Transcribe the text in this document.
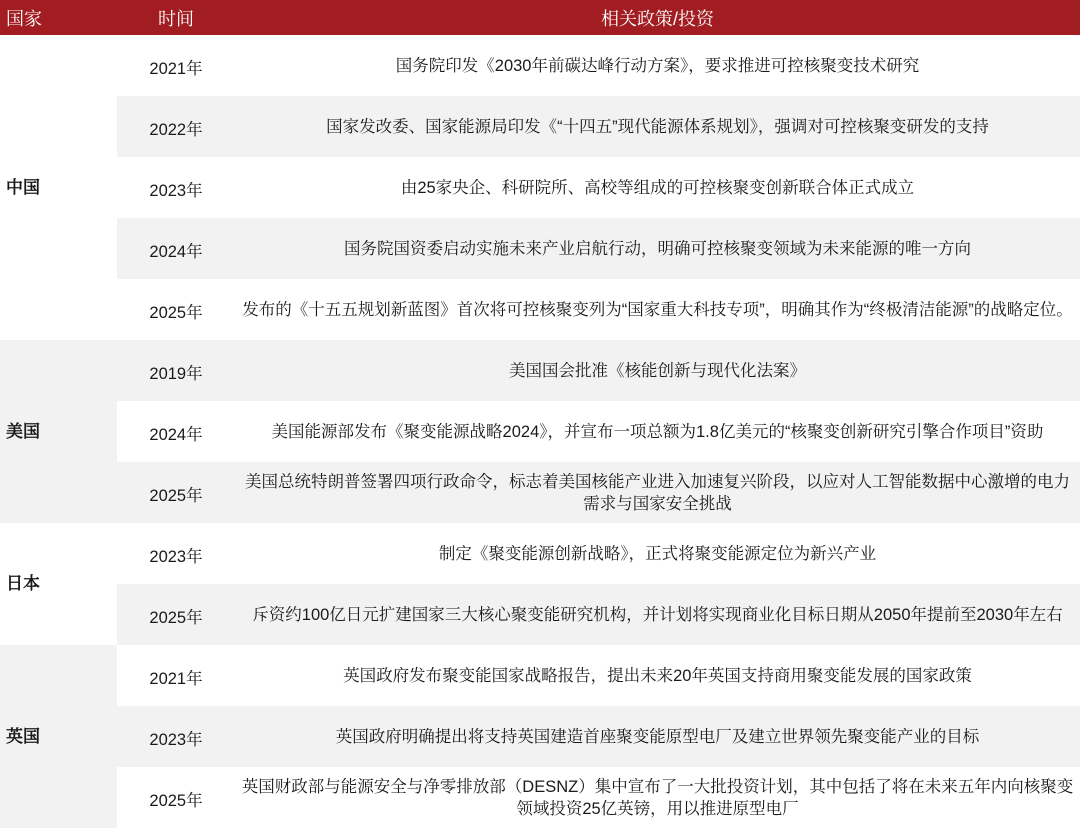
国家	时间	相关政策/投资
中国	2021年	国务院印发《2030年前碳达峰行动方案》，要求推进可控核聚变技术研究
	2022年	国家发改委、国家能源局印发《“十四五”现代能源体系规划》，强调对可控核聚变研发的支持
	2023年	由25家央企、科研院所、高校等组成的可控核聚变创新联合体正式成立
	2024年	国务院国资委启动实施未来产业启航行动，明确可控核聚变领域为未来能源的唯一方向
	2025年	发布的《十五五规划新蓝图》首次将可控核聚变列为“国家重大科技专项”，明确其作为“终极清洁能源”的战略定位。
美国	2019年	美国国会批准《核能创新与现代化法案》
	2024年	美国能源部发布《聚变能源战略2024》，并宣布一项总额为1.8亿美元的“核聚变创新研究引擎合作项目”资助
	2025年	美国总统特朗普签署四项行政命令，标志着美国核能产业进入加速复兴阶段，以应对人工智能数据中心激增的电力需求与国家安全挑战
日本	2023年	制定《聚变能源创新战略》，正式将聚变能源定位为新兴产业
	2025年	斥资约100亿日元扩建国家三大核心聚变能研究机构，并计划将实现商业化目标日期从2050年提前至2030年左右
英国	2021年	英国政府发布聚变能国家战略报告，提出未来20年英国支持商用聚变能发展的国家政策
	2023年	英国政府明确提出将支持英国建造首座聚变能原型电厂及建立世界领先聚变能产业的目标
	2025年	英国财政部与能源安全与净零排放部（DESNZ）集中宣布了一大批投资计划，其中包括了将在未来五年内向核聚变领域投资25亿英镑，用以推进原型电厂
